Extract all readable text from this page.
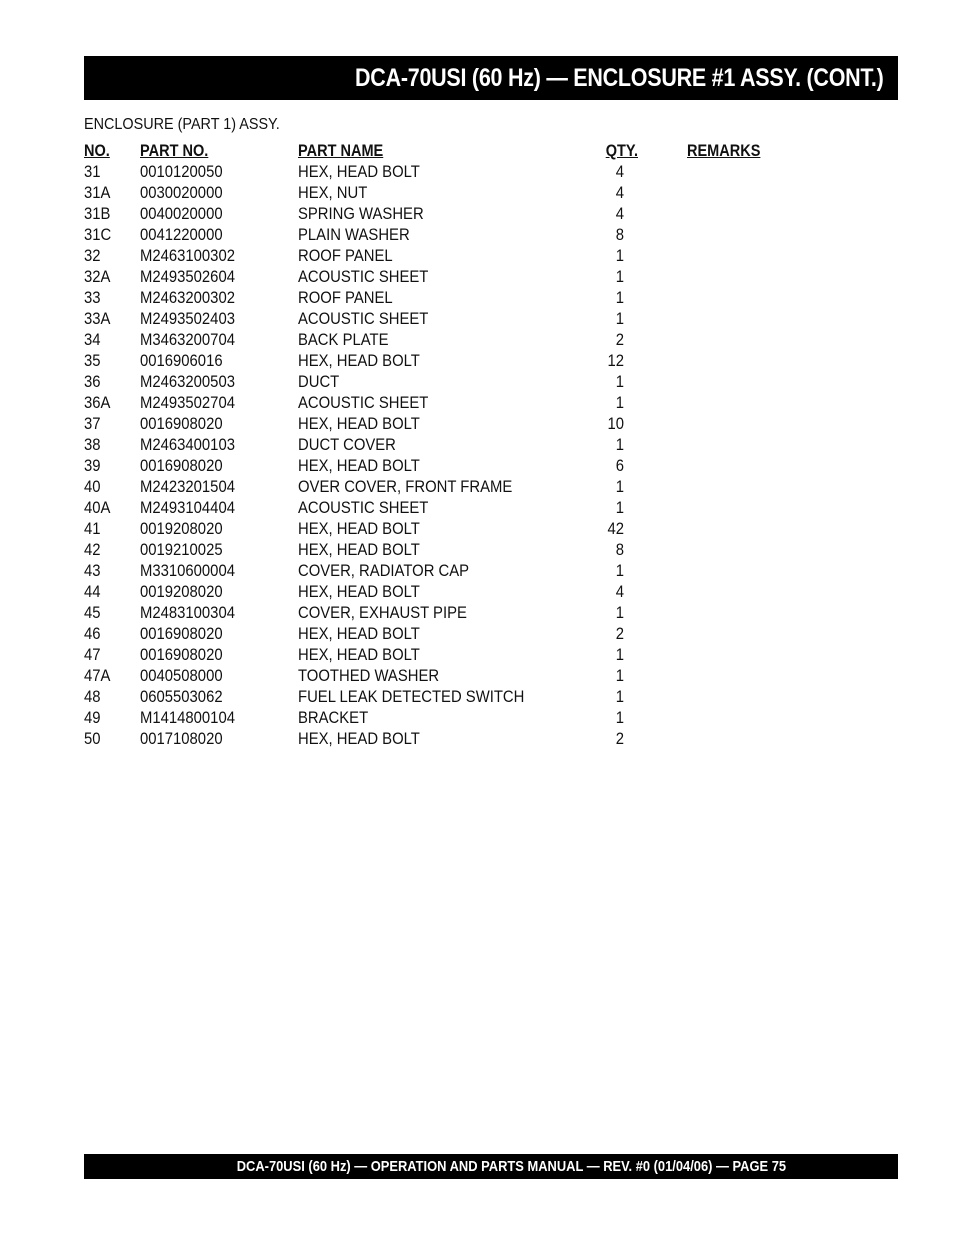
DCA-70USI (60 Hz) — ENCLOSURE #1 ASSY. (CONT.)
ENCLOSURE (PART 1) ASSY.
NO. PART NO.	PART NAME	QTY.	REMARKS
31 0010120050	HEX, HEAD BOLT	4
31A 0030020000	HEX, NUT	4
31B 0040020000	SPRING WASHER	4
31C 0041220000	PLAIN WASHER	8
32 M2463100302	ROOF PANEL	1
32A M2493502604	ACOUSTIC SHEET	1
33 M2463200302	ROOF PANEL	1
33A M2493502403	ACOUSTIC SHEET	1
34 M3463200704	BACK PLATE	2
35 0016906016	HEX, HEAD BOLT	12
36 M2463200503	DUCT	1
36A M2493502704	ACOUSTIC SHEET	1
37 0016908020	HEX, HEAD BOLT	10
38 M2463400103	DUCT COVER	1
39 0016908020	HEX, HEAD BOLT	6
40 M2423201504	OVER COVER, FRONT FRAME	1
40A M2493104404	ACOUSTIC SHEET	1
41 0019208020	HEX, HEAD BOLT	42
42 0019210025	HEX, HEAD BOLT	8
43 M3310600004	COVER, RADIATOR CAP	1
44 0019208020	HEX, HEAD BOLT	4
45 M2483100304	COVER, EXHAUST PIPE	1
46 0016908020	HEX, HEAD BOLT	2
47 0016908020	HEX, HEAD BOLT	1
47A 0040508000	TOOTHED WASHER	1
48 0605503062	FUEL LEAK DETECTED SWITCH	1
49 M1414800104	BRACKET	1
50 0017108020	HEX, HEAD BOLT	2
DCA-70USI (60 Hz) — OPERATION AND PARTS MANUAL — REV. #0 (01/04/06) — PAGE 75
